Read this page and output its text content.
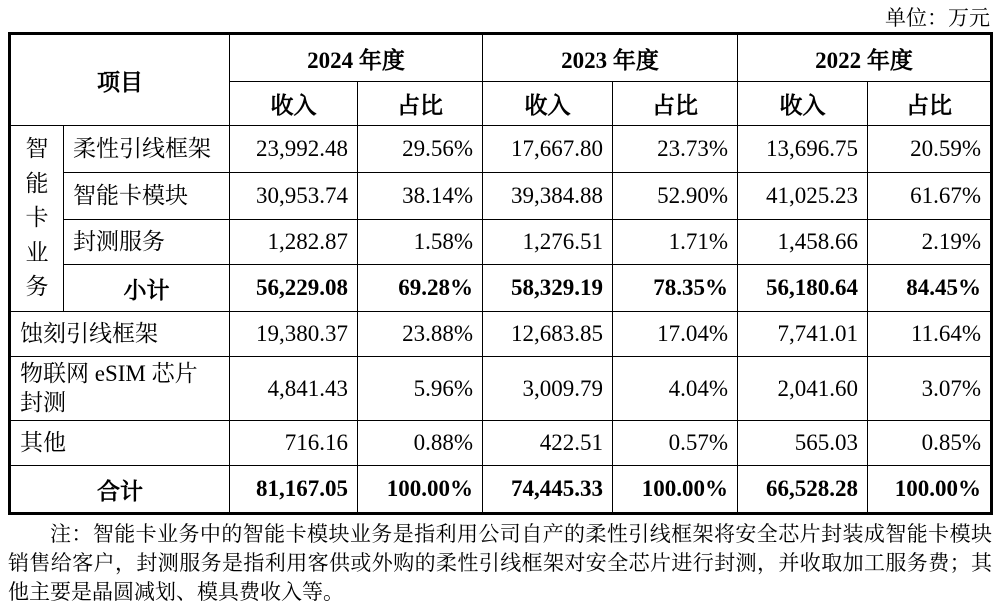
单位：万元
项目		2024 年度		2023 年度		2022 年度	
		收入	占比	收入	占比	收入	占比

智能卡业务	柔性引线框架	23,992.48	29.56%	17,667.80	23.73%	13,696.75	20.59%
	智能卡模块	30,953.74	38.14%	39,384.88	52.90%	41,025.23	61.67%
	封测服务	1,282.87	1.58%	1,276.51	1.71%	1,458.66	2.19%
	小计	56,229.08	69.28%	58,329.19	78.35%	56,180.64	84.45%
蚀刻引线框架		19,380.37	23.88%	12,683.85	17.04%	7,741.01	11.64%
物联网 eSIM 芯片封测		4,841.43	5.96%	3,009.79	4.04%	2,041.60	3.07%
其他		716.16	0.88%	422.51	0.57%	565.03	0.85%
合计		81,167.05	100.00%	74,445.33	100.00%	66,528.28	100.00%
注：智能卡业务中的智能卡模块业务是指利用公司自产的柔性引线框架将安全芯片封装成智能卡模块销售给客户，封测服务是指利用客供或外购的柔性引线框架对安全芯片进行封测，并收取加工服务费；其他主要是晶圆减划、模具费收入等。
